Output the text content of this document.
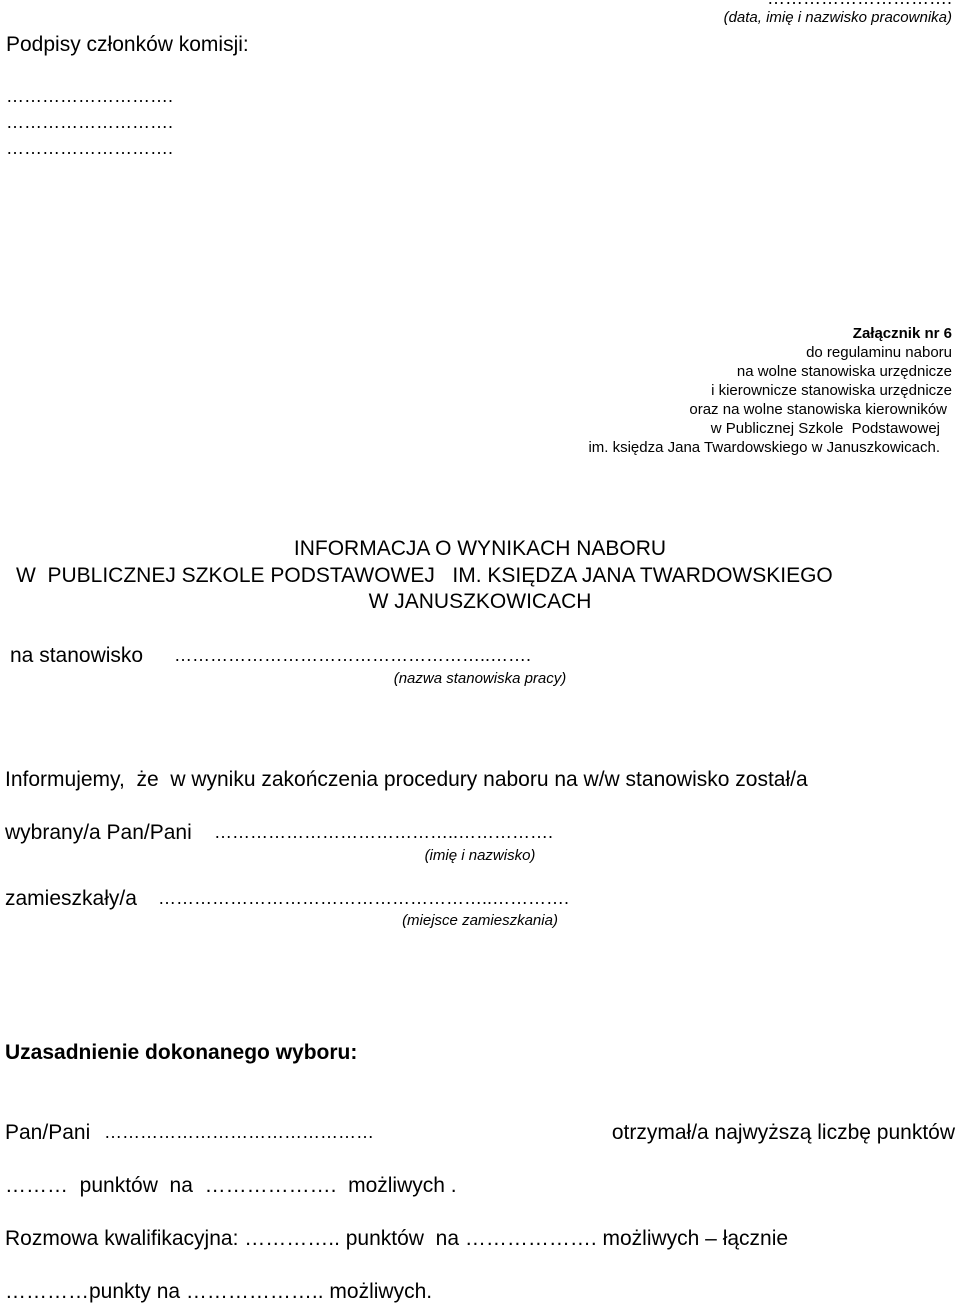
(data, imię i nazwisko pracownika)
Podpisy członków komisji:
……………………….
……………………….
……………………….
Załącznik nr 6
do regulaminu naboru
na wolne stanowiska urzędnicze
i kierownicze stanowiska urzędnicze
oraz na wolne stanowiska kierowników
w Publicznej Szkole  Podstawowej
im. księdza Jana Twardowskiego w Januszkowicach.
INFORMACJA O WYNIKACH NABORU
W  PUBLICZNEJ SZKOLE PODSTAWOWEJ   IM. KSIĘDZA JANA TWARDOWSKIEGO
W JANUSZKOWICACH
na stanowisko ……………………………………………..…….
(nazwa stanowiska pracy)
Informujemy,  że  w wyniku zakończenia procedury naboru na w/w stanowisko został/a
wybrany/a Pan/Pani …………………………………..…………….
(imię i nazwisko)
zamieszkały/a ………………………………………………..………….
(miejsce zamieszkania)
Uzasadnienie dokonanego wyboru:
Pan/Pani ………………………………………	otrzymał/a najwyższą liczbę punktów
………  punktów  na  ……………….  możliwych .
Rozmowa kwalifikacyjna: ………….. punktów  na ………………. możliwych – łącznie
…………punkty na ……………….. możliwych.
